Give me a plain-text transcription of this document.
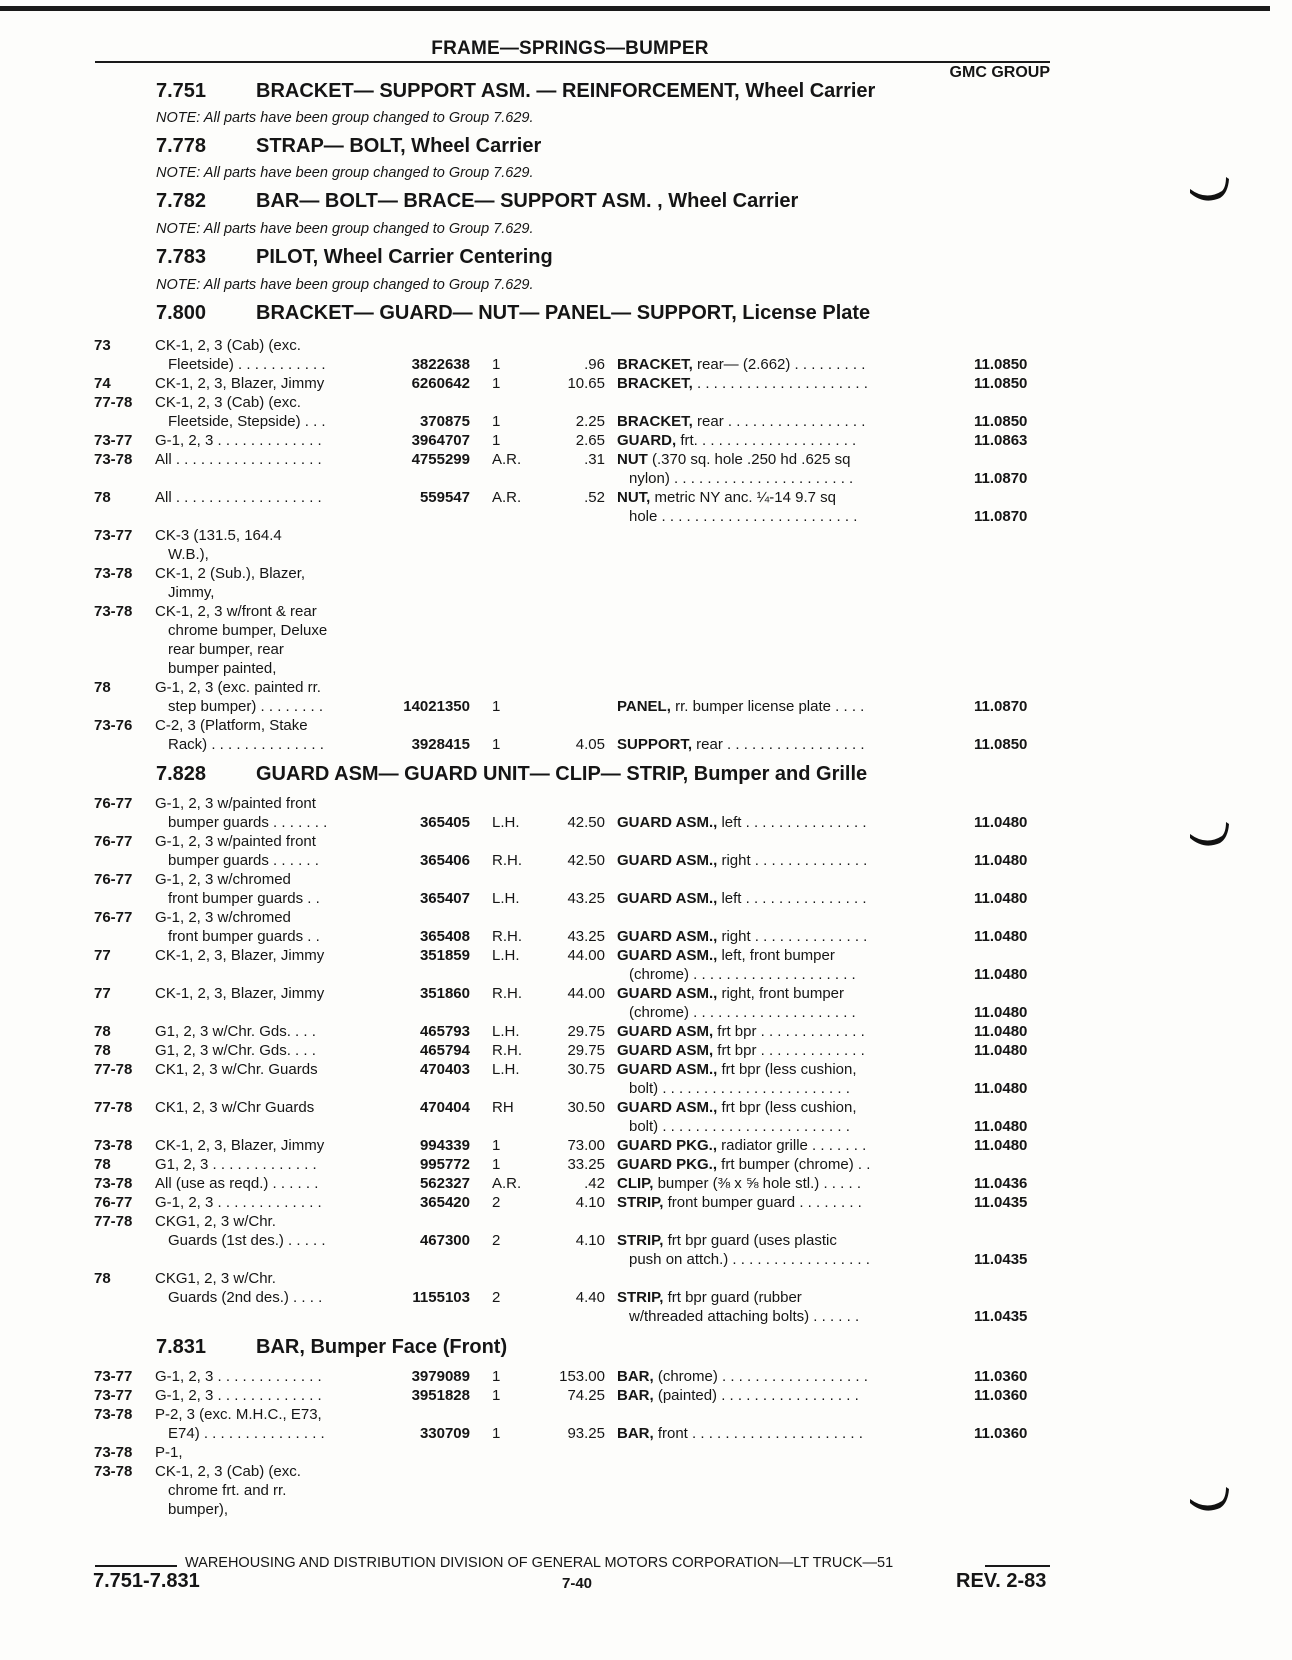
FRAME—SPRINGS—BUMPER
GMC GROUP
7.751 BRACKET— SUPPORT ASM. — REINFORCEMENT, Wheel Carrier
NOTE: All parts have been group changed to Group 7.629.
7.778 STRAP— BOLT, Wheel Carrier
NOTE: All parts have been group changed to Group 7.629.
7.782 BAR— BOLT— BRACE— SUPPORT ASM. , Wheel Carrier
NOTE: All parts have been group changed to Group 7.629.
7.783 PILOT, Wheel Carrier Centering
NOTE: All parts have been group changed to Group 7.629.
7.800 BRACKET— GUARD— NUT— PANEL— SUPPORT, License Plate
73	CK-1, 2, 3 (Cab) (exc.
Fleetside) . . . . . . . . . . .	3822638 1	.96 BRACKET, rear— (2.662) . . . . . . . . .	11.0850
74	CK-1, 2, 3, Blazer, Jimmy	6260642 1	10.65 BRACKET, . . . . . . . . . . . . . . . . . . . . .	11.0850
77-78 CK-1, 2, 3 (Cab) (exc.
Fleetside, Stepside) . . .	370875 1	2.25 BRACKET, rear . . . . . . . . . . . . . . . . .	11.0850
73-77 G-1, 2, 3 . . . . . . . . . . . . .	3964707 1	2.65 GUARD, frt. . . . . . . . . . . . . . . . . . . .	11.0863
73-78 All . . . . . . . . . . . . . . . . . .	4755299 A.R.	.31 NUT (.370 sq. hole .250 hd .625 sq
nylon) . . . . . . . . . . . . . . . . . . . . . .	11.0870
78	All . . . . . . . . . . . . . . . . . .	559547 A.R.	.52 NUT, metric NY anc. ¼-14 9.7 sq
hole . . . . . . . . . . . . . . . . . . . . . . . .	11.0870
73-77 CK-3 (131.5, 164.4
W.B.),
73-78 CK-1, 2 (Sub.), Blazer,
Jimmy,
73-78 CK-1, 2, 3 w/front & rear
chrome bumper, Deluxe
rear bumper, rear
bumper painted,
78	G-1, 2, 3 (exc. painted rr.
step bumper) . . . . . . . .	14021350 1	PANEL, rr. bumper license plate . . . .	11.0870
73-76 C-2, 3 (Platform, Stake
Rack) . . . . . . . . . . . . . .	3928415 1	4.05 SUPPORT, rear . . . . . . . . . . . . . . . . .	11.0850
7.828 GUARD ASM— GUARD UNIT— CLIP— STRIP, Bumper and Grille
76-77 G-1, 2, 3 w/painted front
bumper guards . . . . . . .	365405 L.H.	42.50 GUARD ASM., left . . . . . . . . . . . . . . .	11.0480
76-77 G-1, 2, 3 w/painted front
bumper guards . . . . . .	365406 R.H.	42.50 GUARD ASM., right . . . . . . . . . . . . . .	11.0480
76-77 G-1, 2, 3 w/chromed
front bumper guards . .	365407 L.H.	43.25 GUARD ASM., left . . . . . . . . . . . . . . .	11.0480
76-77 G-1, 2, 3 w/chromed
front bumper guards . .	365408 R.H.	43.25 GUARD ASM., right . . . . . . . . . . . . . .	11.0480
77	CK-1, 2, 3, Blazer, Jimmy	351859 L.H.	44.00 GUARD ASM., left, front bumper
(chrome) . . . . . . . . . . . . . . . . . . . .	11.0480
77	CK-1, 2, 3, Blazer, Jimmy	351860 R.H.	44.00 GUARD ASM., right, front bumper
(chrome) . . . . . . . . . . . . . . . . . . . .	11.0480
78	G1, 2, 3 w/Chr. Gds. . . .	465793 L.H.	29.75 GUARD ASM, frt bpr . . . . . . . . . . . . .	11.0480
78	G1, 2, 3 w/Chr. Gds. . . .	465794 R.H.	29.75 GUARD ASM, frt bpr . . . . . . . . . . . . .	11.0480
77-78 CK1, 2, 3 w/Chr. Guards	470403 L.H.	30.75 GUARD ASM., frt bpr (less cushion,
bolt) . . . . . . . . . . . . . . . . . . . . . . .	11.0480
77-78 CK1, 2, 3 w/Chr Guards	470404 RH	30.50 GUARD ASM., frt bpr (less cushion,
bolt) . . . . . . . . . . . . . . . . . . . . . . .	11.0480
73-78 CK-1, 2, 3, Blazer, Jimmy	994339 1	73.00 GUARD PKG., radiator grille . . . . . . .	11.0480
78	G1, 2, 3 . . . . . . . . . . . . .	995772 1	33.25 GUARD PKG., frt bumper (chrome) . .
73-78 All (use as reqd.) . . . . . .	562327 A.R.	.42 CLIP, bumper (⅜ x ⅝ hole stl.) . . . . .	11.0436
76-77 G-1, 2, 3 . . . . . . . . . . . . .	365420 2	4.10 STRIP, front bumper guard . . . . . . . .	11.0435
77-78 CKG1, 2, 3 w/Chr.
Guards (1st des.) . . . . .	467300 2	4.10 STRIP, frt bpr guard (uses plastic
push on attch.) . . . . . . . . . . . . . . . . .	11.0435
78	CKG1, 2, 3 w/Chr.
Guards (2nd des.) . . . .	1155103 2	4.40 STRIP, frt bpr guard (rubber
w/threaded attaching bolts) . . . . . .	11.0435
7.831 BAR, Bumper Face (Front)
73-77 G-1, 2, 3 . . . . . . . . . . . . .	3979089 1	153.00 BAR, (chrome) . . . . . . . . . . . . . . . . . .	11.0360
73-77 G-1, 2, 3 . . . . . . . . . . . . .	3951828 1	74.25 BAR, (painted) . . . . . . . . . . . . . . . . .	11.0360
73-78 P-2, 3 (exc. M.H.C., E73,
E74) . . . . . . . . . . . . . . .	330709 1	93.25 BAR, front . . . . . . . . . . . . . . . . . . . . .	11.0360
73-78 P-1,
73-78 CK-1, 2, 3 (Cab) (exc.
chrome frt. and rr.
bumper),
WAREHOUSING AND DISTRIBUTION DIVISION OF GENERAL MOTORS CORPORATION—LT TRUCK—51
7.751-7.831	7-40	REV. 2-83
